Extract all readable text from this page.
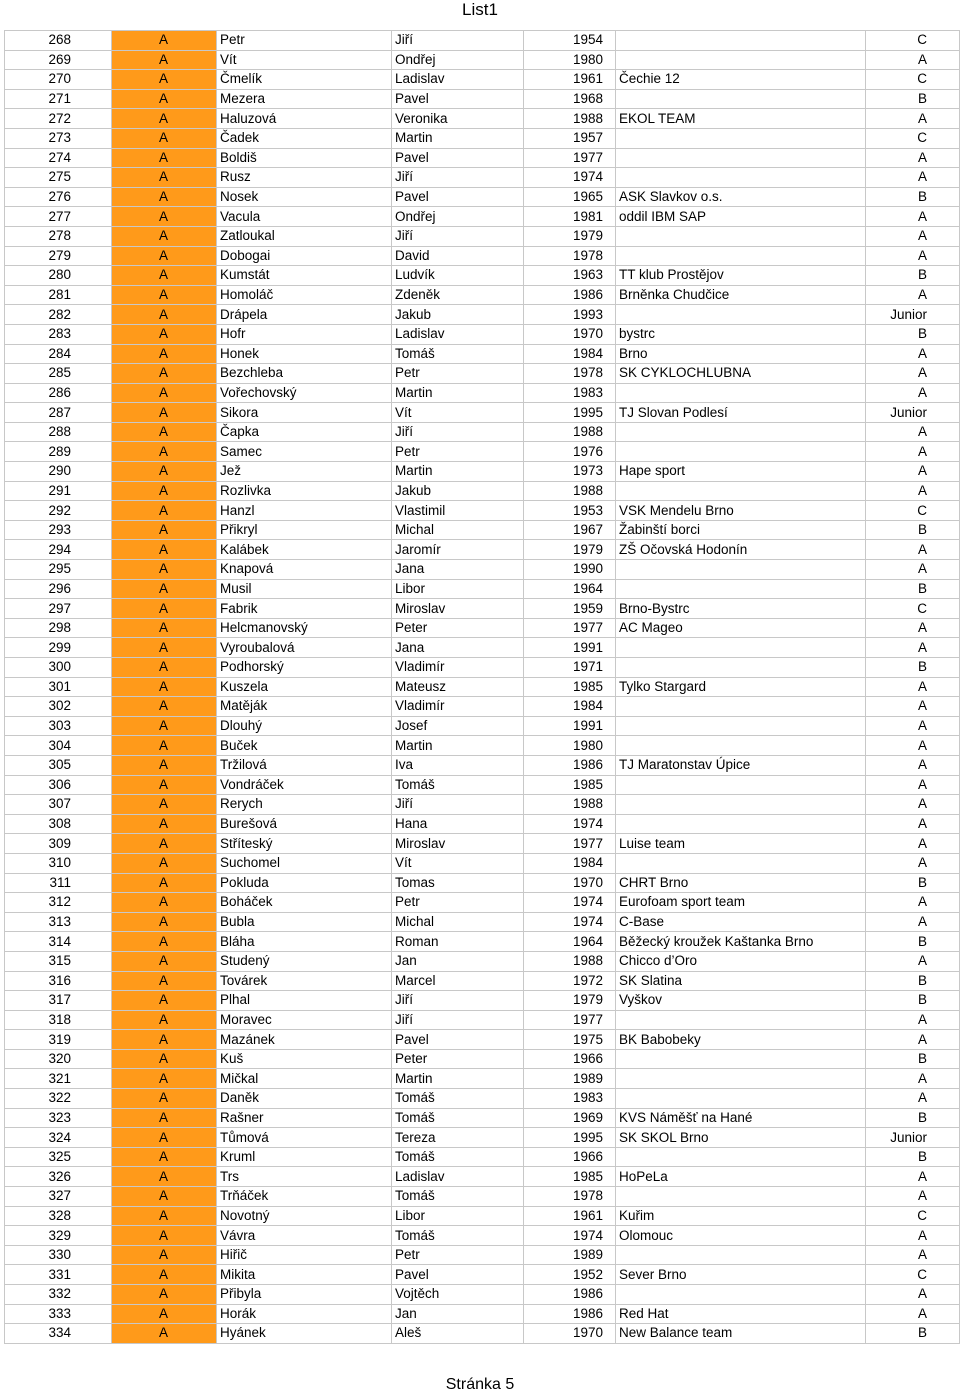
List1
268	A	Petr	Jiří	1954		C
269	A	Vít	Ondřej	1980		A
270	A	Čmelík	Ladislav	1961	Čechie 12	C
271	A	Mezera	Pavel	1968		B
272	A	Haluzová	Veronika	1988	EKOL TEAM	A
273	A	Čadek	Martin	1957		C
274	A	Boldiš	Pavel	1977		A
275	A	Rusz	Jiří	1974		A
276	A	Nosek	Pavel	1965	ASK Slavkov o.s.	B
277	A	Vacula	Ondřej	1981	oddil IBM SAP	A
278	A	Zatloukal	Jiří	1979		A
279	A	Dobogai	David	1978		A
280	A	Kumstát	Ludvík	1963	TT klub Prostějov	B
281	A	Homoláč	Zdeněk	1986	Brněnka Chudčice	A
282	A	Drápela	Jakub	1993		Junior
283	A	Hofr	Ladislav	1970	bystrc	B
284	A	Honek	Tomáš	1984	Brno	A
285	A	Bezchleba	Petr	1978	SK CYKLOCHLUBNA	A
286	A	Vořechovský	Martin	1983		A
287	A	Sikora	Vít	1995	TJ Slovan Podlesí	Junior
288	A	Čapka	Jiří	1988		A
289	A	Samec	Petr	1976		A
290	A	Jež	Martin	1973	Hape sport	A
291	A	Rozlivka	Jakub	1988		A
292	A	Hanzl	Vlastimil	1953	VSK Mendelu Brno	C
293	A	Přikryl	Michal	1967	Žabinští borci	B
294	A	Kalábek	Jaromír	1979	ZŠ Očovská Hodonín	A
295	A	Knapová	Jana	1990		A
296	A	Musil	Libor	1964		B
297	A	Fabrik	Miroslav	1959	Brno-Bystrc	C
298	A	Helcmanovský	Peter	1977	AC Mageo	A
299	A	Vyroubalová	Jana	1991		A
300	A	Podhorský	Vladimír	1971		B
301	A	Kuszela	Mateusz	1985	Tylko Stargard	A
302	A	Matěják	Vladimír	1984		A
303	A	Dlouhý	Josef	1991		A
304	A	Buček	Martin	1980		A
305	A	Tržilová	Iva	1986	TJ Maratonstav Úpice	A
306	A	Vondráček	Tomáš	1985		A
307	A	Rerych	Jiří	1988		A
308	A	Burešová	Hana	1974		A
309	A	Stříteský	Miroslav	1977	Luise team	A
310	A	Suchomel	Vít	1984		A
311	A	Pokluda	Tomas	1970	CHRT Brno	B
312	A	Boháček	Petr	1974	Eurofoam sport team	A
313	A	Bubla	Michal	1974	C-Base	A
314	A	Bláha	Roman	1964	Běžecký kroužek Kaštanka Brno	B
315	A	Studený	Jan	1988	Chicco d’Oro	A
316	A	Továrek	Marcel	1972	SK Slatina	B
317	A	Plhal	Jiří	1979	Vyškov	B
318	A	Moravec	Jiří	1977		A
319	A	Mazánek	Pavel	1975	BK Babobeky	A
320	A	Kuš	Peter	1966		B
321	A	Mičkal	Martin	1989		A
322	A	Daněk	Tomáš	1983		A
323	A	Rašner	Tomáš	1969	KVS Náměšť na Hané	B
324	A	Tůmová	Tereza	1995	SK SKOL Brno	Junior
325	A	Kruml	Tomáš	1966		B
326	A	Trs	Ladislav	1985	HoPeLa	A
327	A	Trňáček	Tomáš	1978		A
328	A	Novotný	Libor	1961	Kuřim	C
329	A	Vávra	Tomáš	1974	Olomouc	A
330	A	Hiřič	Petr	1989		A
331	A	Mikita	Pavel	1952	Sever Brno	C
332	A	Přibyla	Vojtěch	1986		A
333	A	Horák	Jan	1986	Red Hat	A
334	A	Hyánek	Aleš	1970	New Balance team	B
Stránka 5
